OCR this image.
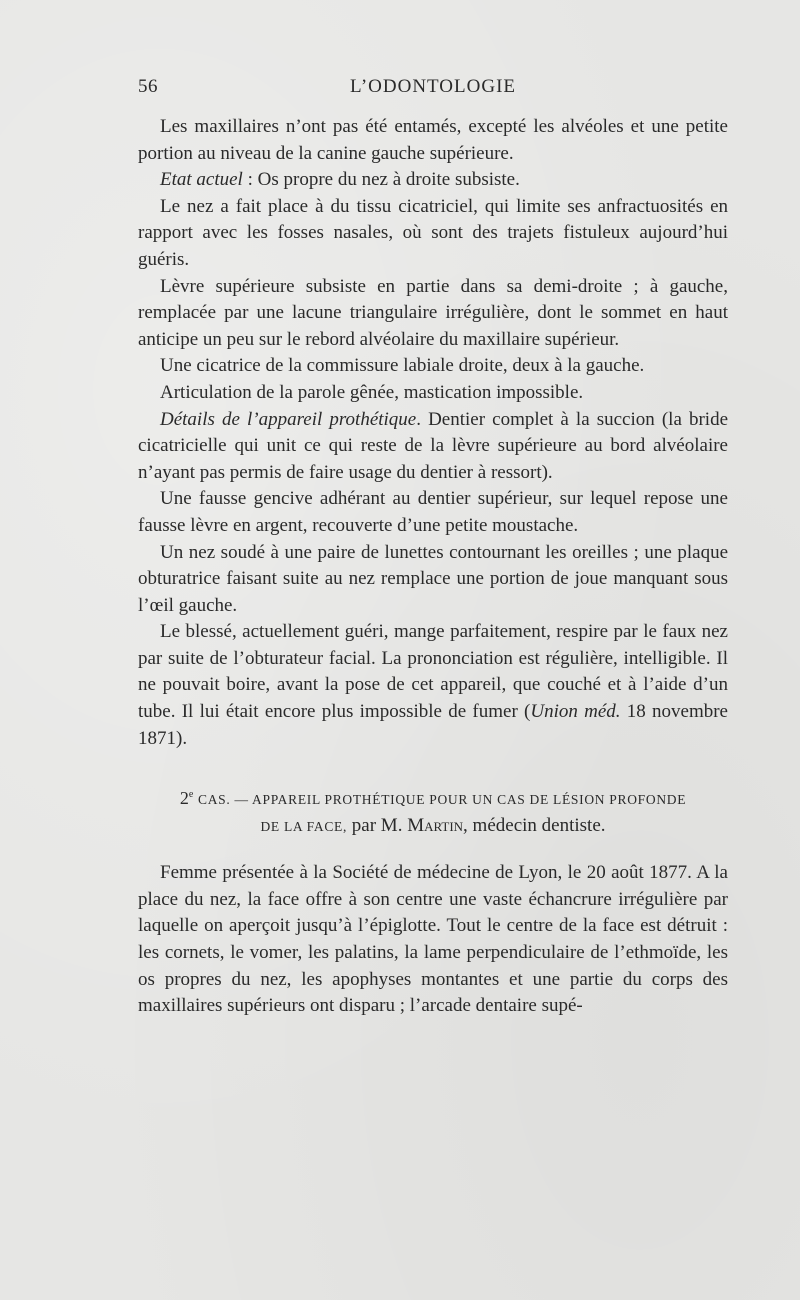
56	L’ODONTOLOGIE

Les maxillaires n’ont pas été entamés, excepté les alvéoles et une petite portion au niveau de la canine gauche supérieure.

Etat actuel : Os propre du nez à droite subsiste.

Le nez a fait place à du tissu cicatriciel, qui limite ses anfractuosités en rapport avec les fosses nasales, où sont des trajets fistuleux aujourd’hui guéris.

Lèvre supérieure subsiste en partie dans sa demi-droite ; à gauche, remplacée par une lacune triangulaire irrégulière, dont le sommet en haut anticipe un peu sur le rebord alvéolaire du maxillaire supérieur.

Une cicatrice de la commissure labiale droite, deux à la gauche.

Articulation de la parole gênée, mastication impossible.

Détails de l’appareil prothétique. Dentier complet à la succion (la bride cicatricielle qui unit ce qui reste de la lèvre supérieure au bord alvéolaire n’ayant pas permis de faire usage du dentier à ressort).

Une fausse gencive adhérant au dentier supérieur, sur lequel repose une fausse lèvre en argent, recouverte d’une petite moustache.

Un nez soudé à une paire de lunettes contournant les oreilles ; une plaque obturatrice faisant suite au nez remplace une portion de joue manquant sous l’œil gauche.

Le blessé, actuellement guéri, mange parfaitement, respire par le faux nez par suite de l’obturateur facial. La prononciation est régulière, intelligible. Il ne pouvait boire, avant la pose de cet appareil, que couché et à l’aide d’un tube. Il lui était encore plus impossible de fumer (Union méd. 18 novembre 1871).

2e CAS. — APPAREIL PROTHÉTIQUE POUR UN CAS DE LÉSION PROFONDE
DE LA FACE, par M. Martin, médecin dentiste.

Femme présentée à la Société de médecine de Lyon, le 20 août 1877. A la place du nez, la face offre à son centre une vaste échancrure irrégulière par laquelle on aperçoit jusqu’à l’épiglotte. Tout le centre de la face est détruit : les cornets, le vomer, les palatins, la lame perpendiculaire de l’ethmoïde, les os propres du nez, les apophyses montantes et une partie du corps des maxillaires supérieurs ont disparu ; l’arcade dentaire supé-
